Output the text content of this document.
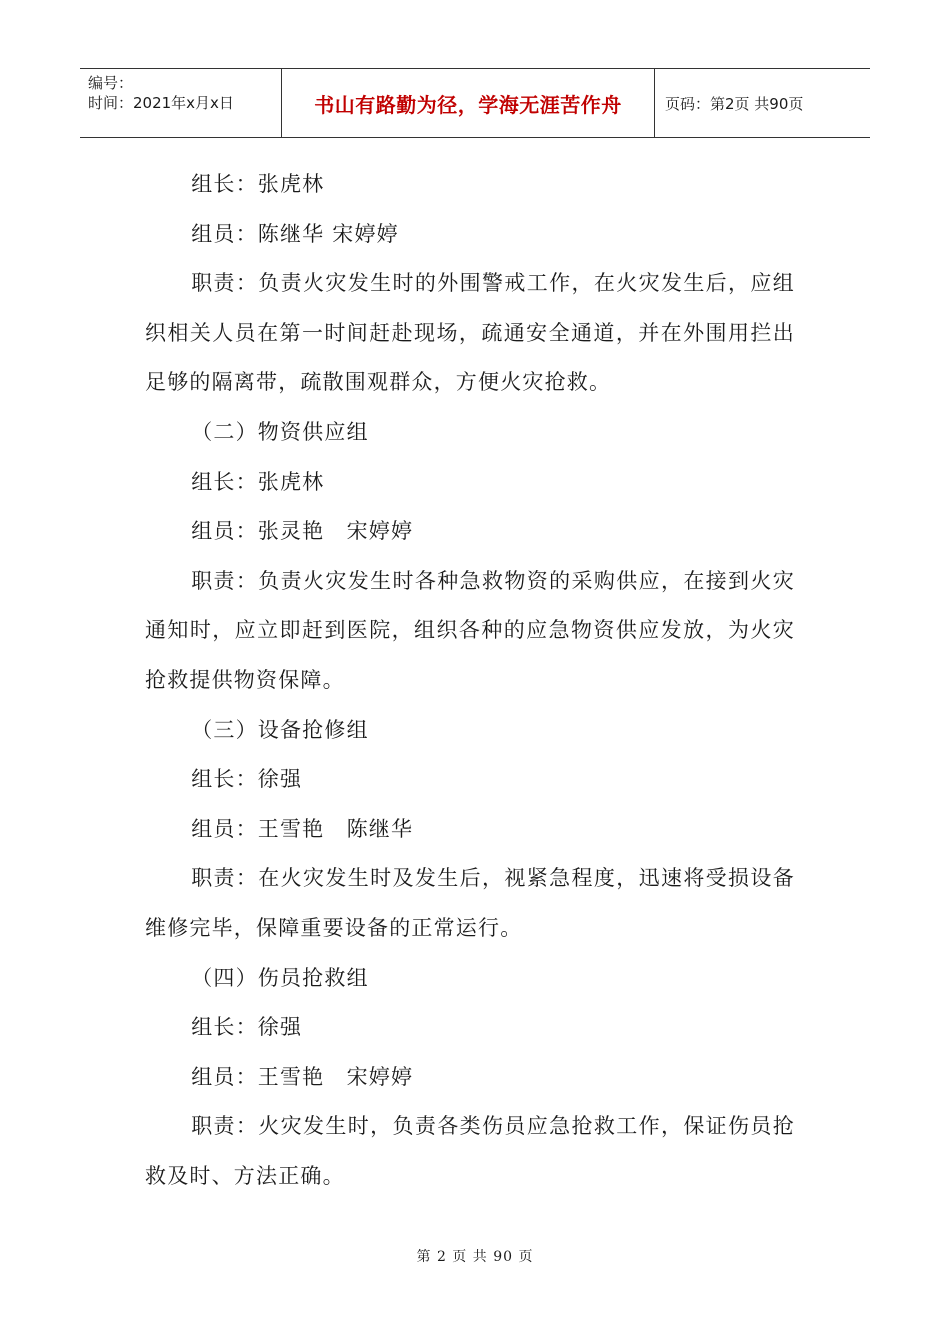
编号：
时间：2021年x月x日	书山有路勤为径，学海无涯苦作舟	页码：第2页 共90页

组长：张虎林

组员：陈继华 宋婷婷

职责：负责火灾发生时的外围警戒工作，在火灾发生后，应组织相关人员在第一时间赶赴现场，疏通安全通道，并在外围用拦出足够的隔离带，疏散围观群众，方便火灾抢救。

（二）物资供应组

组长：张虎林

组员：张灵艳　宋婷婷

职责：负责火灾发生时各种急救物资的采购供应，在接到火灾通知时，应立即赶到医院，组织各种的应急物资供应发放，为火灾抢救提供物资保障。

（三）设备抢修组

组长：徐强

组员：王雪艳　陈继华

职责：在火灾发生时及发生后，视紧急程度，迅速将受损设备维修完毕，保障重要设备的正常运行。

（四）伤员抢救组

组长：徐强

组员：王雪艳　宋婷婷

职责：火灾发生时，负责各类伤员应急抢救工作，保证伤员抢救及时、方法正确。

第 2 页 共 90 页
